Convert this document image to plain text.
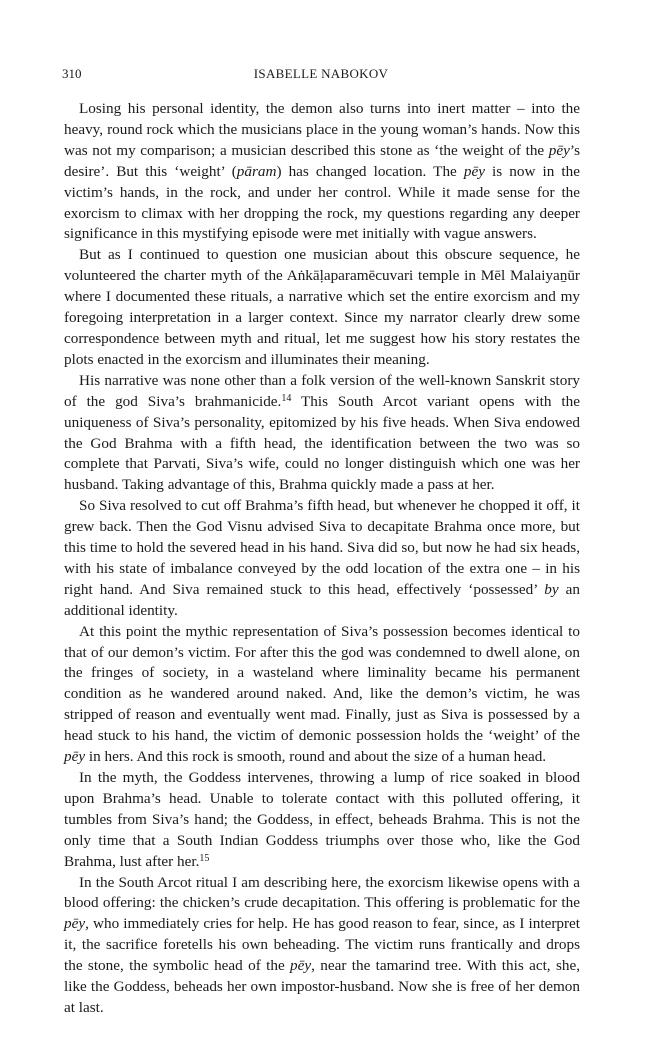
310	ISABELLE NABOKOV

Losing his personal identity, the demon also turns into inert matter – into the heavy, round rock which the musicians place in the young woman’s hands. Now this was not my comparison; a musician described this stone as ‘the weight of the pēy’s desire’. But this ‘weight’ (pāram) has changed location. The pēy is now in the victim’s hands, in the rock, and under her control. While it made sense for the exorcism to climax with her dropping the rock, my questions regarding any deeper significance in this mystifying episode were met initially with vague answers.

But as I continued to question one musician about this obscure sequence, he volunteered the charter myth of the Aṅkāḷaparamēcuvari temple in Mēl Malaiyaṉūr where I documented these rituals, a narrative which set the entire exorcism and my foregoing interpretation in a larger context. Since my narrator clearly drew some correspondence between myth and ritual, let me suggest how his story restates the plots enacted in the exorcism and illuminates their meaning.

His narrative was none other than a folk version of the well-known Sanskrit story of the god Siva’s brahmanicide.$^{14}$ This South Arcot variant opens with the uniqueness of Siva’s personality, epitomized by his five heads. When Siva endowed the God Brahma with a fifth head, the identification between the two was so complete that Parvati, Siva’s wife, could no longer distinguish which one was her husband. Taking advantage of this, Brahma quickly made a pass at her.

So Siva resolved to cut off Brahma’s fifth head, but whenever he chopped it off, it grew back. Then the God Visnu advised Siva to decapitate Brahma once more, but this time to hold the severed head in his hand. Siva did so, but now he had six heads, with his state of imbalance conveyed by the odd location of the extra one – in his right hand. And Siva remained stuck to this head, effectively ‘possessed’ by an additional identity.

At this point the mythic representation of Siva’s possession becomes identical to that of our demon’s victim. For after this the god was condemned to dwell alone, on the fringes of society, in a wasteland where liminality became his permanent condition as he wandered around naked. And, like the demon’s victim, he was stripped of reason and eventually went mad. Finally, just as Siva is possessed by a head stuck to his hand, the victim of demonic possession holds the ‘weight’ of the pēy in hers. And this rock is smooth, round and about the size of a human head.

In the myth, the Goddess intervenes, throwing a lump of rice soaked in blood upon Brahma’s head. Unable to tolerate contact with this polluted offering, it tumbles from Siva’s hand; the Goddess, in effect, beheads Brahma. This is not the only time that a South Indian Goddess triumphs over those who, like the God Brahma, lust after her.$^{15}$

In the South Arcot ritual I am describing here, the exorcism likewise opens with a blood offering: the chicken’s crude decapitation. This offering is problematic for the pēy, who immediately cries for help. He has good reason to fear, since, as I interpret it, the sacrifice foretells his own beheading. The victim runs frantically and drops the stone, the symbolic head of the pēy, near the tamarind tree. With this act, she, like the Goddess, beheads her own impostor-husband. Now she is free of her demon at last.
